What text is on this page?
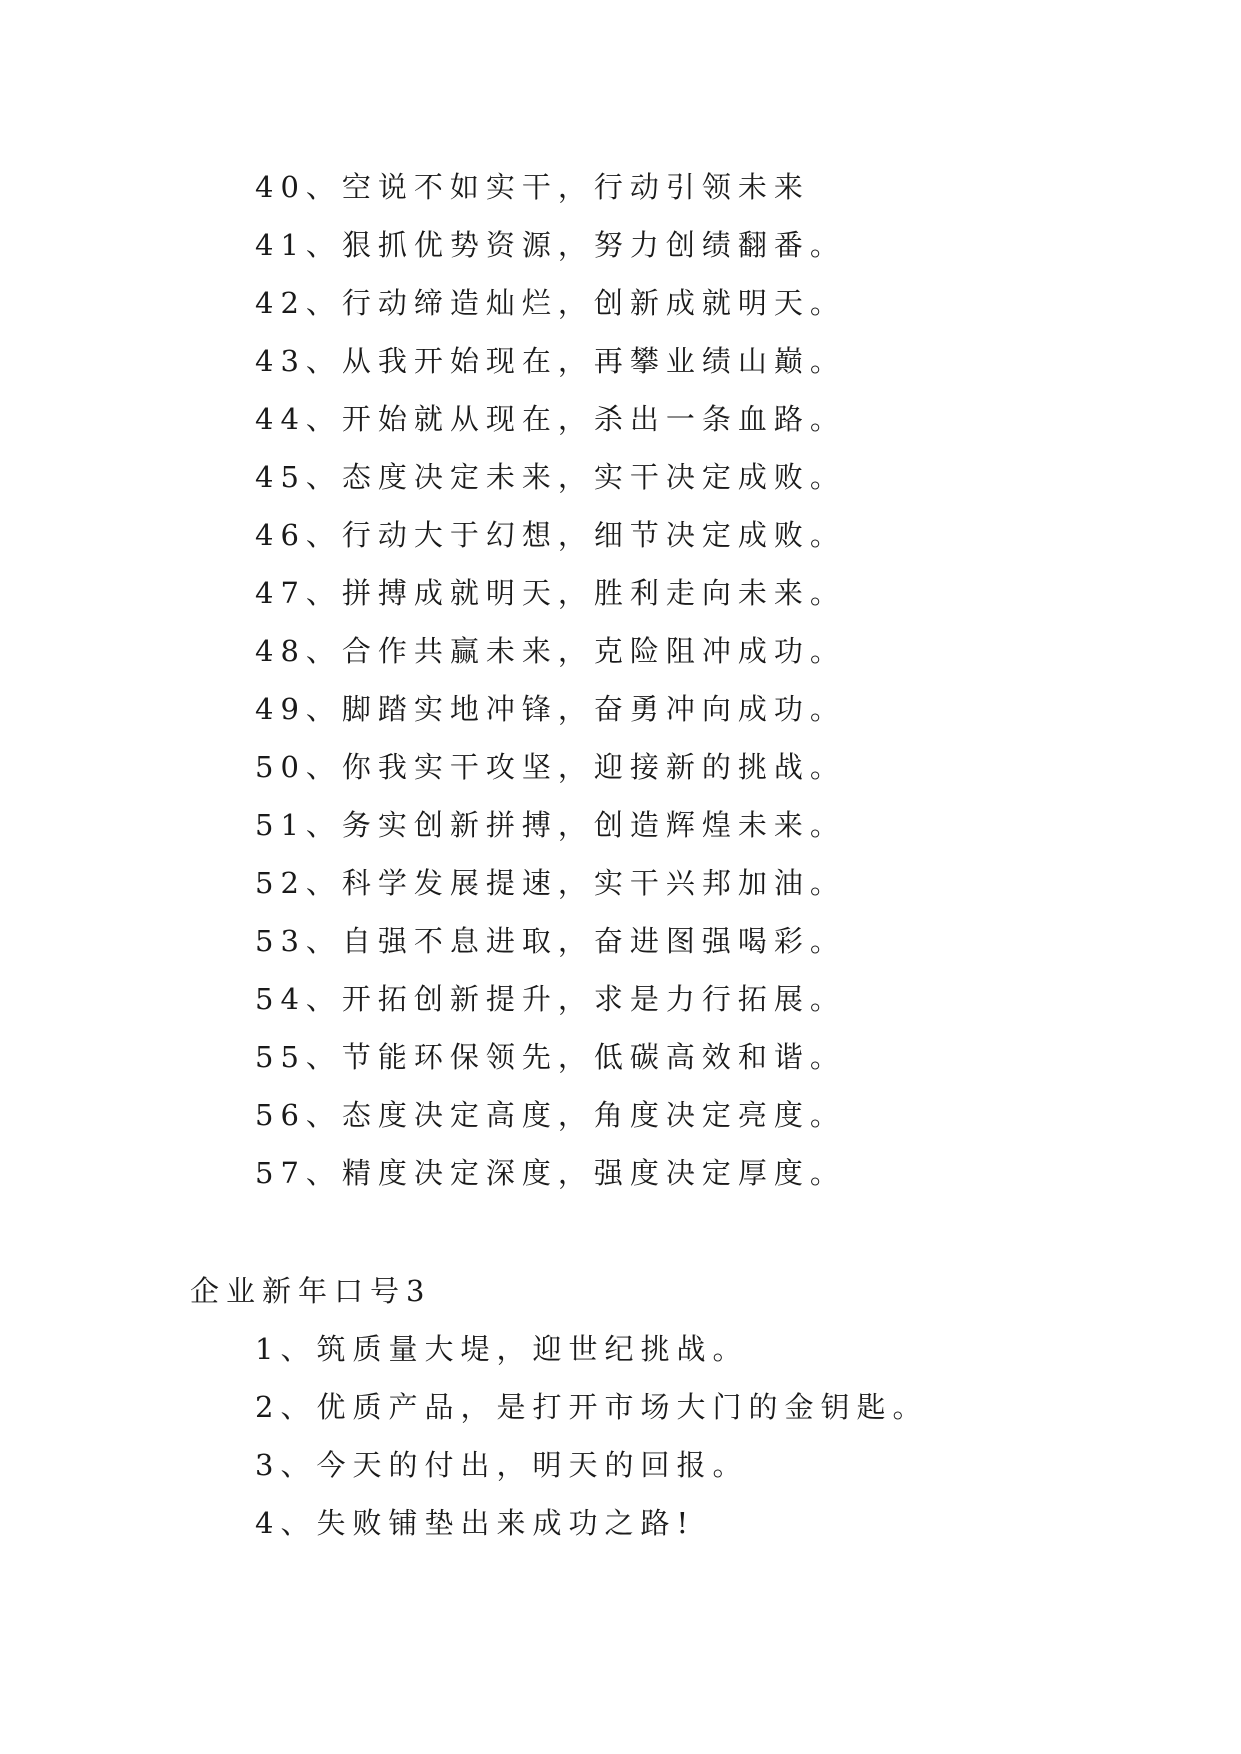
40、空说不如实干，行动引领未来
41、狠抓优势资源，努力创绩翻番。
42、行动缔造灿烂，创新成就明天。
43、从我开始现在，再攀业绩山巅。
44、开始就从现在，杀出一条血路。
45、态度决定未来，实干决定成败。
46、行动大于幻想，细节决定成败。
47、拼搏成就明天，胜利走向未来。
48、合作共赢未来，克险阻冲成功。
49、脚踏实地冲锋，奋勇冲向成功。
50、你我实干攻坚，迎接新的挑战。
51、务实创新拼搏，创造辉煌未来。
52、科学发展提速，实干兴邦加油。
53、自强不息进取，奋进图强喝彩。
54、开拓创新提升，求是力行拓展。
55、节能环保领先，低碳高效和谐。
56、态度决定高度，角度决定亮度。
57、精度决定深度，强度决定厚度。
企业新年口号3
1、筑质量大堤，迎世纪挑战。
2、优质产品，是打开市场大门的金钥匙。
3、今天的付出，明天的回报。
4、失败铺垫出来成功之路!
